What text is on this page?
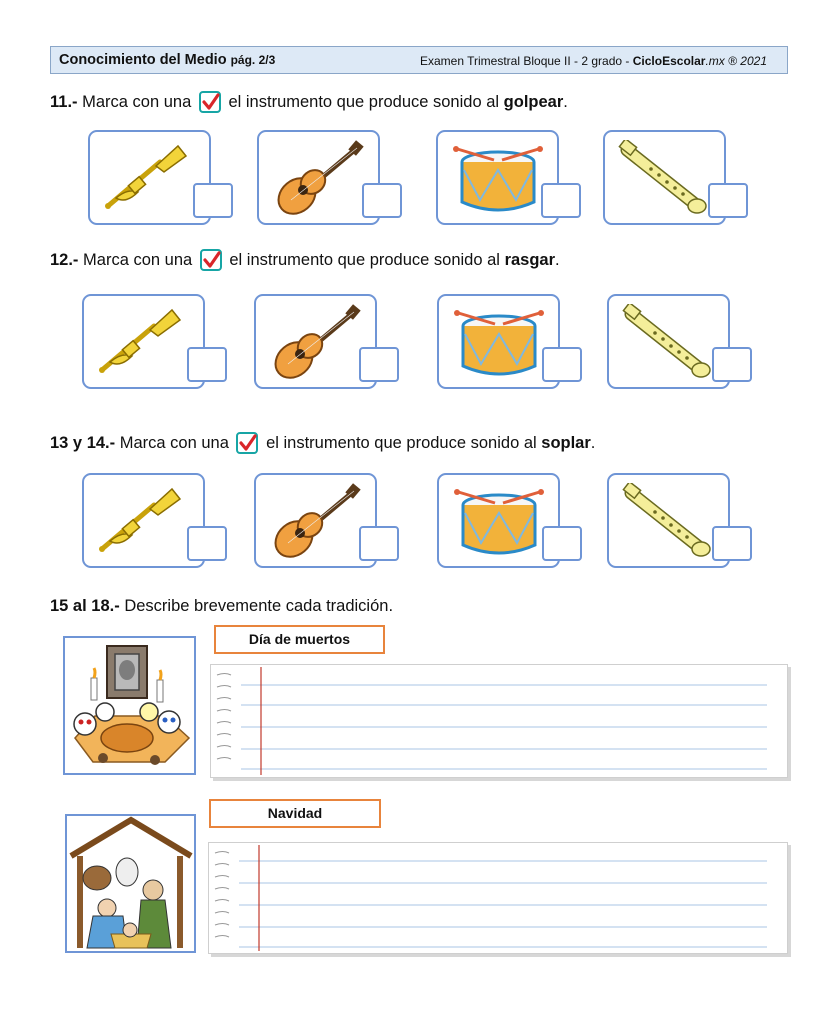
Conocimiento del Medio pág. 2/3	Examen Trimestral Bloque II - 2 grado - CicloEscolar.mx ® 2021
11.- Marca con una el instrumento que produce sonido al golpear.
12.- Marca con una el instrumento que produce sonido al rasgar.
13 y 14.- Marca con una el instrumento que produce sonido al soplar.
15 al 18.- Describe brevemente cada tradición.
Día de muertos
Navidad
